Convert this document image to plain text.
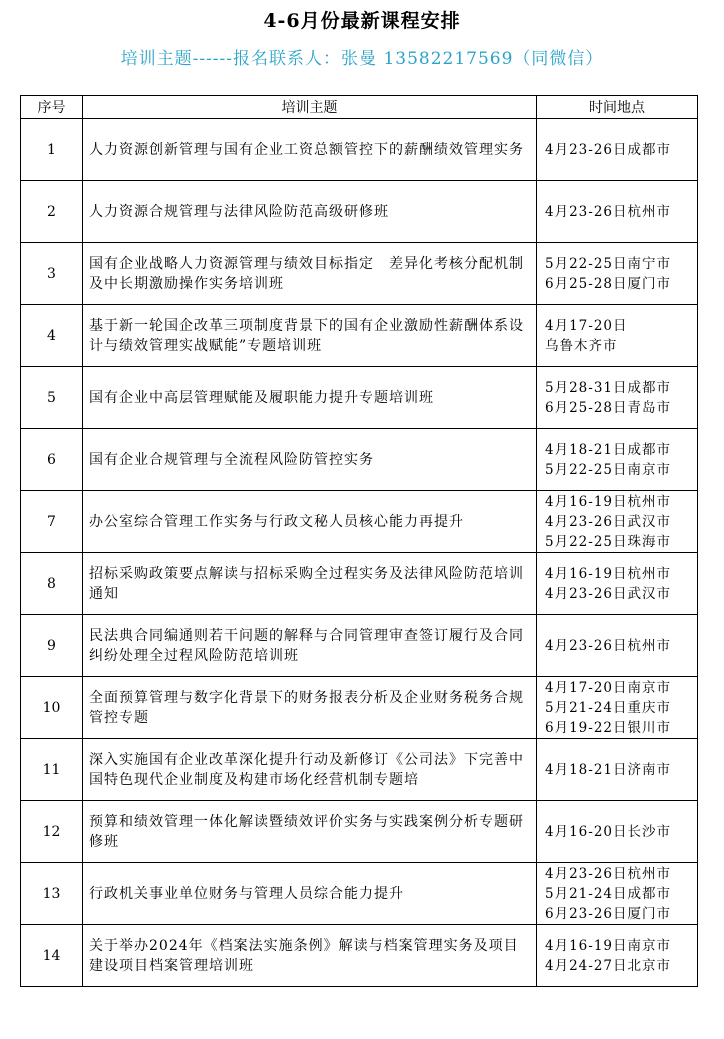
4-6月份最新课程安排
培训主题------报名联系人：张曼 13582217569（同微信）
序号	培训主题	时间地点
1	人力资源创新管理与国有企业工资总额管控下的薪酬绩效管理实务	4月23-26日成都市

2	人力资源合规管理与法律风险防范高级研修班	4月23-26日杭州市

3	国有企业战略人力资源管理与绩效目标指定　差异化考核分配机制及中长期激励操作实务培训班	5月22-25日南宁市
6月25-28日厦门市

4	基于新一轮国企改革三项制度背景下的国有企业激励性薪酬体系设计与绩效管理实战赋能”专题培训班	4月17-20日
乌鲁木齐市

5	国有企业中高层管理赋能及履职能力提升专题培训班	5月28-31日成都市
6月25-28日青岛市

6	国有企业合规管理与全流程风险防管控实务	4月18-21日成都市
5月22-25日南京市

7	办公室综合管理工作实务与行政文秘人员核心能力再提升	4月16-19日杭州市
4月23-26日武汉市
5月22-25日珠海市

8	招标采购政策要点解读与招标采购全过程实务及法律风险防范培训通知	4月16-19日杭州市
4月23-26日武汉市

9	民法典合同编通则若干问题的解释与合同管理审查签订履行及合同纠纷处理全过程风险防范培训班	4月23-26日杭州市

10	全面预算管理与数字化背景下的财务报表分析及企业财务税务合规管控专题	4月17-20日南京市
5月21-24日重庆市
6月19-22日银川市

11	深入实施国有企业改革深化提升行动及新修订《公司法》下完善中国特色现代企业制度及构建市场化经营机制专题培	4月18-21日济南市

12	预算和绩效管理一体化解读暨绩效评价实务与实践案例分析专题研修班	4月16-20日长沙市

13	行政机关事业单位财务与管理人员综合能力提升	4月23-26日杭州市
5月21-24日成都市
6月23-26日厦门市

14	关于举办2024年《档案法实施条例》解读与档案管理实务及项目建设项目档案管理培训班	4月16-19日南京市
4月24-27日北京市
